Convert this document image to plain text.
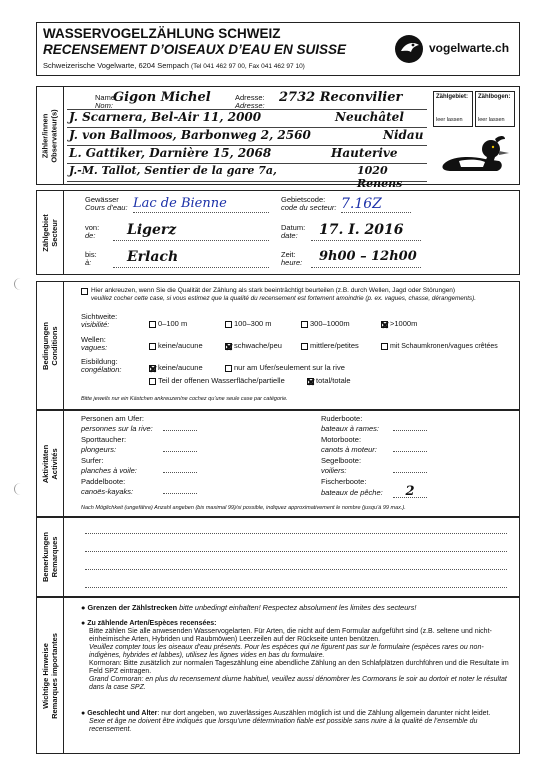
WASSERVOGELZÄHLUNG SCHWEIZ
RECENSEMENT D’OISEAUX D’EAU EN SUISSE
Schweizerische Vogelwarte, 6204 Sempach (Tel 041 462 97 00, Fax 041 462 97 10)
vogelwarte.ch
Zähler/innen
Observateur(s)
Name:
Nom:
Adresse:
Adresse:
Gigon Michel	2732 Reconvilier
J. Scarnera, Bel-Air 11, 2000	Neuchâtel
J. von Ballmoos, Barbonweg 2, 2560	Nidau
L. Gattiker, Darnière 15, 2068	Hauterive
J.-M. Tallot, Sentier de la gare 7a,	1020 Renens
Zählgebiet:
leer lassen
Zählbogen:
leer lassen
Zählgebiet
Secteur
Gewässer
Cours d’eau: Lac de Bienne	Gebietscode:
code du secteur: 7.16Z
von:
de:	Ligerz	Datum:
date:	17. I. 2016
bis:
à:	Erlach	Zeit:
heure:	9h00 – 12h00
Bedingungen
Conditions
Hier ankreuzen, wenn Sie die Qualität der Zählung als stark beeinträchtigt beurteilen (z.B. durch Wellen, Jagd oder Störungen)
veuillez cocher cette case, si vous estimez que la qualité du recensement est fortement amoindrie (p. ex. vagues, chasse, dérangements).
Sichtweite:
visibilité:	0–100 m	100–300 m	300–1000m	>1000m
Wellen:
vagues:	keine/aucune	schwache/peu	mittlere/petites	mit Schaumkronen/vagues crêtées
Eisbildung:
congélation:	keine/aucune	nur am Ufer/seulement sur la rive
Teil der offenen Wasserfläche/partielle	total/totale
Bitte jeweils nur ein Kästchen ankreuzen/ne cochez qu’une seule case par catégorie.
Aktivitäten
Activités
Personen am Ufer:
personnes sur la rive:
Sporttaucher:
plongeurs:
Surfer:
planches à voile:
Paddelboote:
canoës-kayaks:
Ruderboote:
bateaux à rames:
Motorboote:
canots à moteur:
Segelboote:
voiliers:
Fischerboote:
bateaux de pêche: 2
Nach Möglichkeit (ungefähre) Anzahl angeben (bis maximal 99)/si possible, indiquez approximativement le nombre (jusqu’à 99 max.).
Bemerkungen
Remarques
Wichtige Hinweise
Remarques importantes
● Grenzen der Zählstrecken bitte unbedingt einhalten! Respectez absolument les limites des secteurs!
● Zu zählende Arten/Espèces recensées:
Bitte zählen Sie alle anwesenden Wasservogelarten. Für Arten, die nicht auf dem Formular aufgeführt sind (z.B. seltene und nicht-einheimische Arten, Hybriden und Raubmöwen) Leerzeilen auf der Rückseite unten benützen.
Veuillez compter tous les oiseaux d’eau présents. Pour les espèces qui ne figurent pas sur le formulaire (espèces rares ou non-indigènes, hybrides et labbes), utilisez les lignes vides en bas du formulaire.
Kormoran: Bitte zusätzlich zur normalen Tageszählung eine abendliche Zählung an den Schlafplätzen durchführen und die Resultate im Feld SPZ eintragen.
Grand Cormoran: en plus du recensement diurne habituel, veuillez aussi dénombrer les Cormorans le soir au dortoir et noter le résultat dans la case SPZ.
● Geschlecht und Alter: nur dort angeben, wo zuverlässiges Auszählen möglich ist und die Zählung allgemein darunter nicht leidet.
Sexe et âge ne doivent être indiqués que lorsqu’une détermination fiable est possible sans nuire à la qualité de l’ensemble du recensement.
